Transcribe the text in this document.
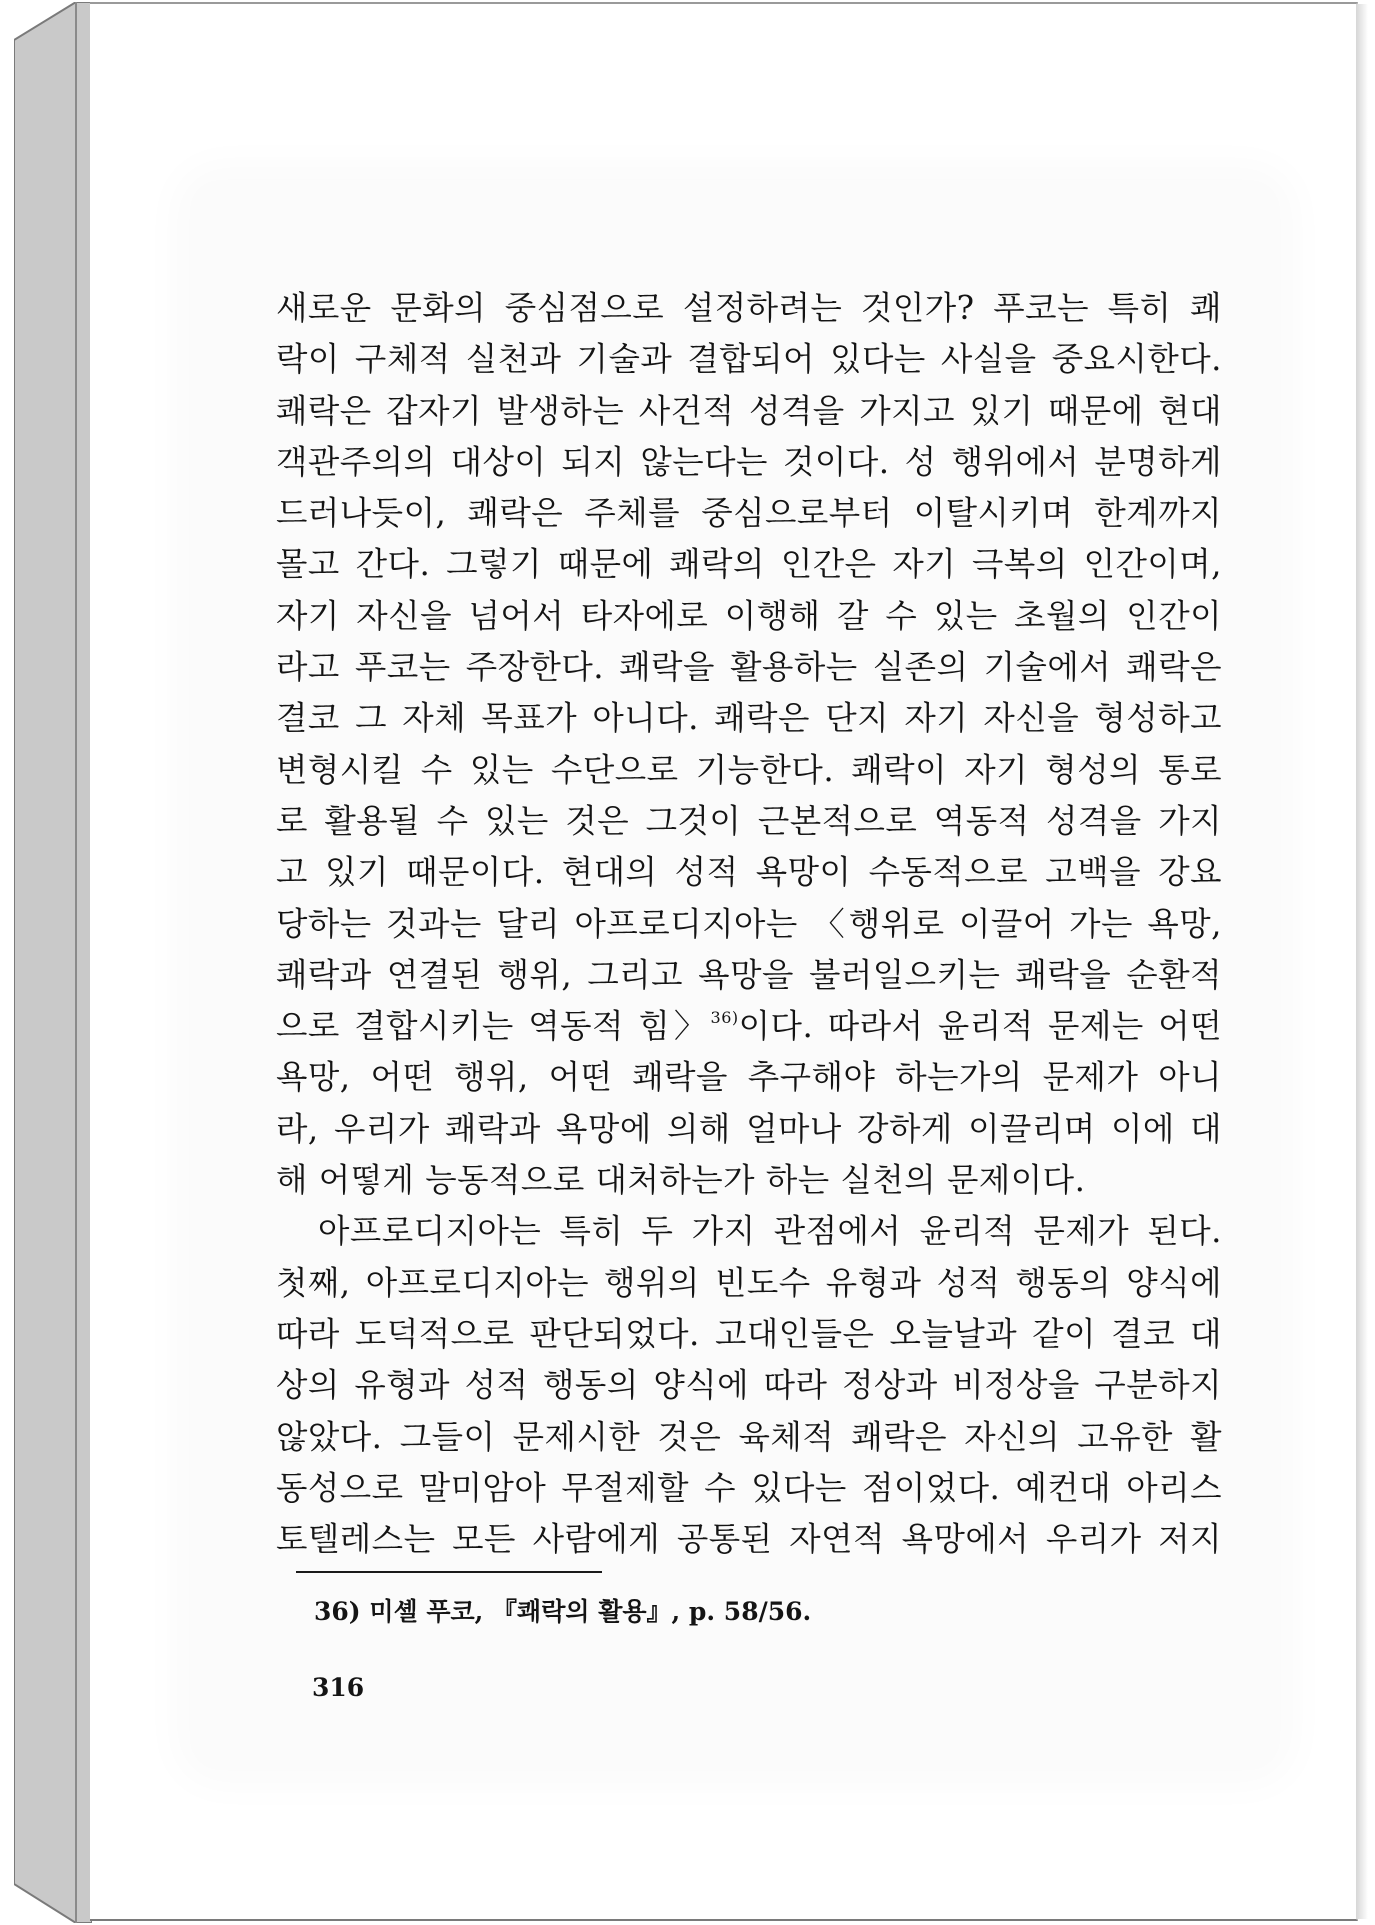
새로운 문화의 중심점으로 설정하려는 것인가? 푸코는 특히 쾌
락이 구체적 실천과 기술과 결합되어 있다는 사실을 중요시한다.
쾌락은 갑자기 발생하는 사건적 성격을 가지고 있기 때문에 현대
객관주의의 대상이 되지 않는다는 것이다. 성 행위에서 분명하게
드러나듯이, 쾌락은 주체를 중심으로부터 이탈시키며 한계까지
몰고 간다. 그렇기 때문에 쾌락의 인간은 자기 극복의 인간이며,
자기 자신을 넘어서 타자에로 이행해 갈 수 있는 초월의 인간이
라고 푸코는 주장한다. 쾌락을 활용하는 실존의 기술에서 쾌락은
결코 그 자체 목표가 아니다. 쾌락은 단지 자기 자신을 형성하고
변형시킬 수 있는 수단으로 기능한다. 쾌락이 자기 형성의 통로
로 활용될 수 있는 것은 그것이 근본적으로 역동적 성격을 가지
고 있기 때문이다. 현대의 성적 욕망이 수동적으로 고백을 강요
당하는 것과는 달리 아프로디지아는 〈행위로 이끌어 가는 욕망,
쾌락과 연결된 행위, 그리고 욕망을 불러일으키는 쾌락을 순환적
으로 결합시키는 역동적 힘〉$^{36)}$이다. 따라서 윤리적 문제는 어떤
욕망, 어떤 행위, 어떤 쾌락을 추구해야 하는가의 문제가 아니
라, 우리가 쾌락과 욕망에 의해 얼마나 강하게 이끌리며 이에 대
해 어떻게 능동적으로 대처하는가 하는 실천의 문제이다.
아프로디지아는 특히 두 가지 관점에서 윤리적 문제가 된다.
첫째, 아프로디지아는 행위의 빈도수 유형과 성적 행동의 양식에
따라 도덕적으로 판단되었다. 고대인들은 오늘날과 같이 결코 대
상의 유형과 성적 행동의 양식에 따라 정상과 비정상을 구분하지
않았다. 그들이 문제시한 것은 육체적 쾌락은 자신의 고유한 활
동성으로 말미암아 무절제할 수 있다는 점이었다. 예컨대 아리스
토텔레스는 모든 사람에게 공통된 자연적 욕망에서 우리가 저지
36) 미셸 푸코, 『쾌락의 활용』, p. 58/56.
316
